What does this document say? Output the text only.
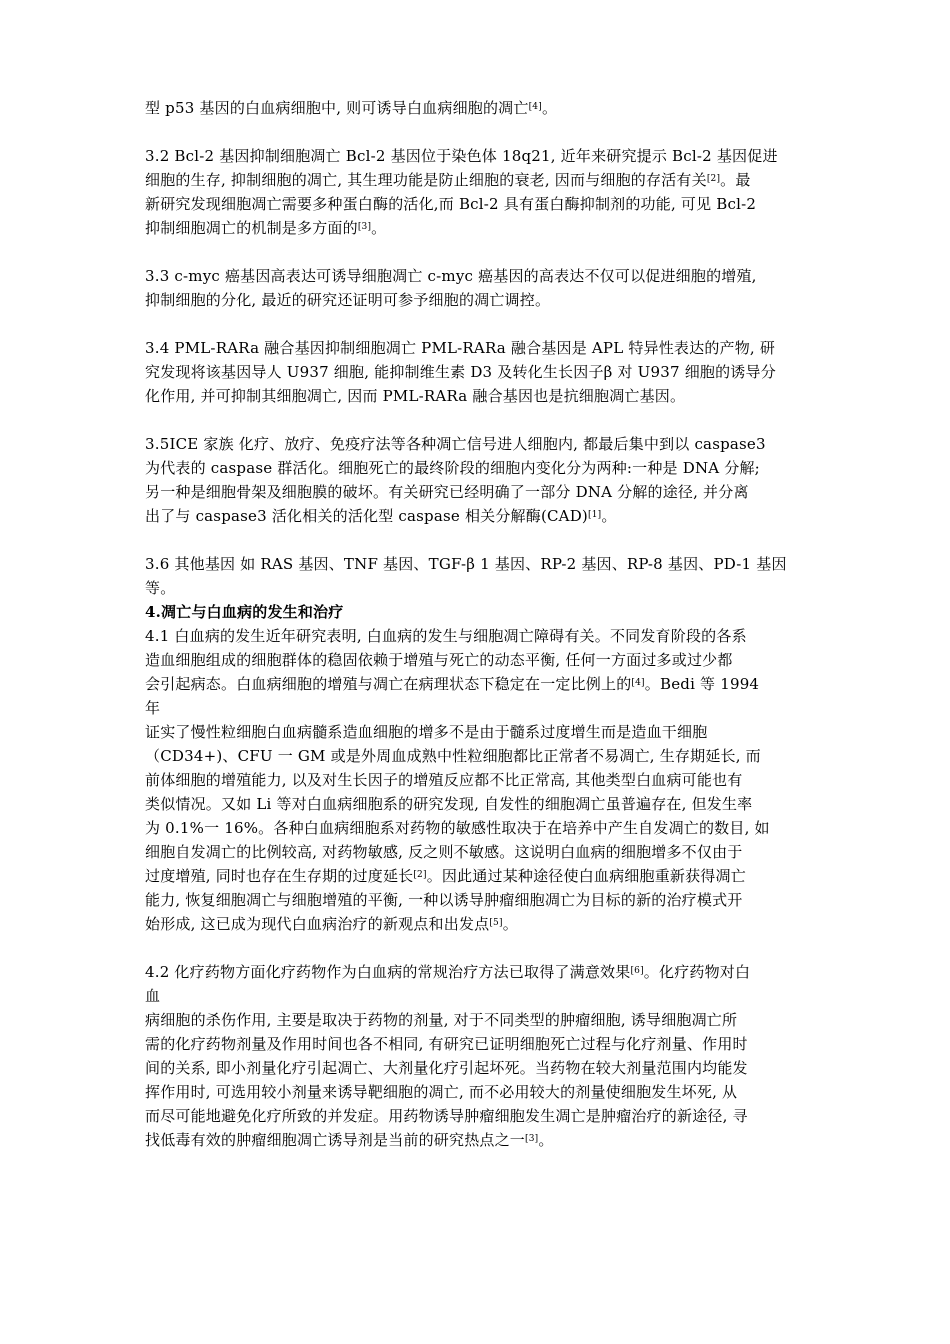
型 p53 基因的白血病细胞中, 则可诱导白血病细胞的凋亡[4]。
3.2 Bcl-2 基因抑制细胞凋亡 Bcl-2 基因位于染色体 18q21, 近年来研究提示 Bcl-2 基因促进
细胞的生存, 抑制细胞的凋亡, 其生理功能是防止细胞的衰老, 因而与细胞的存活有关[2]。最
新研究发现细胞凋亡需要多种蛋白酶的活化,而 Bcl-2 具有蛋白酶抑制剂的功能, 可见 Bcl-2
抑制细胞凋亡的机制是多方面的[3]。
3.3 c-myc 癌基因高表达可诱导细胞凋亡 c-myc 癌基因的高表达不仅可以促进细胞的增殖,
抑制细胞的分化, 最近的研究还证明可参予细胞的凋亡调控。
3.4 PML-RARa 融合基因抑制细胞凋亡 PML-RARa 融合基因是 APL 特异性表达的产物, 研
究发现将该基因导人 U937 细胞, 能抑制维生素 D3 及转化生长因子β 对 U937 细胞的诱导分
化作用, 并可抑制其细胞凋亡, 因而 PML-RARa 融合基因也是抗细胞凋亡基因。
3.5ICE 家族 化疗、放疗、免疫疗法等各种凋亡信号进人细胞内, 都最后集中到以 caspase3
为代表的 caspase 群活化。细胞死亡的最终阶段的细胞内变化分为两种:一种是 DNA 分解;
另一种是细胞骨架及细胞膜的破坏。有关研究已经明确了一部分 DNA 分解的途径, 并分离
出了与 caspase3 活化相关的活化型 caspase 相关分解酶(CAD)[1]。
3.6 其他基因 如 RAS 基因、TNF 基因、TGF-β 1 基因、RP-2 基因、RP-8 基因、PD-1 基因
等。
4.凋亡与白血病的发生和治疗
4.1 白血病的发生近年研究表明, 白血病的发生与细胞凋亡障碍有关。不同发育阶段的各系
造血细胞组成的细胞群体的稳固依赖于增殖与死亡的动态平衡, 任何一方面过多或过少都
会引起病态。白血病细胞的增殖与凋亡在病理状态下稳定在一定比例上的[4]。Bedi 等 1994
年
证实了慢性粒细胞白血病髓系造血细胞的增多不是由于髓系过度增生而是造血干细胞
（CD34+)、CFU 一 GM 或是外周血成熟中性粒细胞都比正常者不易凋亡, 生存期延长, 而
前体细胞的增殖能力, 以及对生长因子的增殖反应都不比正常高, 其他类型白血病可能也有
类似情况。又如 Li 等对白血病细胞系的研究发现, 自发性的细胞凋亡虽普遍存在, 但发生率
为 0.1%一 16%。各种白血病细胞系对药物的敏感性取决于在培养中产生自发凋亡的数目, 如
细胞自发凋亡的比例较高, 对药物敏感, 反之则不敏感。这说明白血病的细胞增多不仅由于
过度增殖, 同时也存在生存期的过度延长[2]。因此通过某种途径使白血病细胞重新获得凋亡
能力, 恢复细胞凋亡与细胞增殖的平衡, 一种以诱导肿瘤细胞凋亡为目标的新的治疗模式开
始形成, 这已成为现代白血病治疗的新观点和出发点[5]。
4.2 化疗药物方面化疗药物作为白血病的常规治疗方法已取得了满意效果[6]。化疗药物对白
血
病细胞的杀伤作用, 主要是取决于药物的剂量, 对于不同类型的肿瘤细胞, 诱导细胞凋亡所
需的化疗药物剂量及作用时间也各不相同, 有研究已证明细胞死亡过程与化疗剂量、作用时
间的关系, 即小剂量化疗引起凋亡、大剂量化疗引起坏死。当药物在较大剂量范围内均能发
挥作用时, 可选用较小剂量来诱导靶细胞的凋亡, 而不必用较大的剂量使细胞发生坏死, 从
而尽可能地避免化疗所致的并发症。用药物诱导肿瘤细胞发生凋亡是肿瘤治疗的新途径, 寻
找低毒有效的肿瘤细胞凋亡诱导剂是当前的研究热点之一[3]。
